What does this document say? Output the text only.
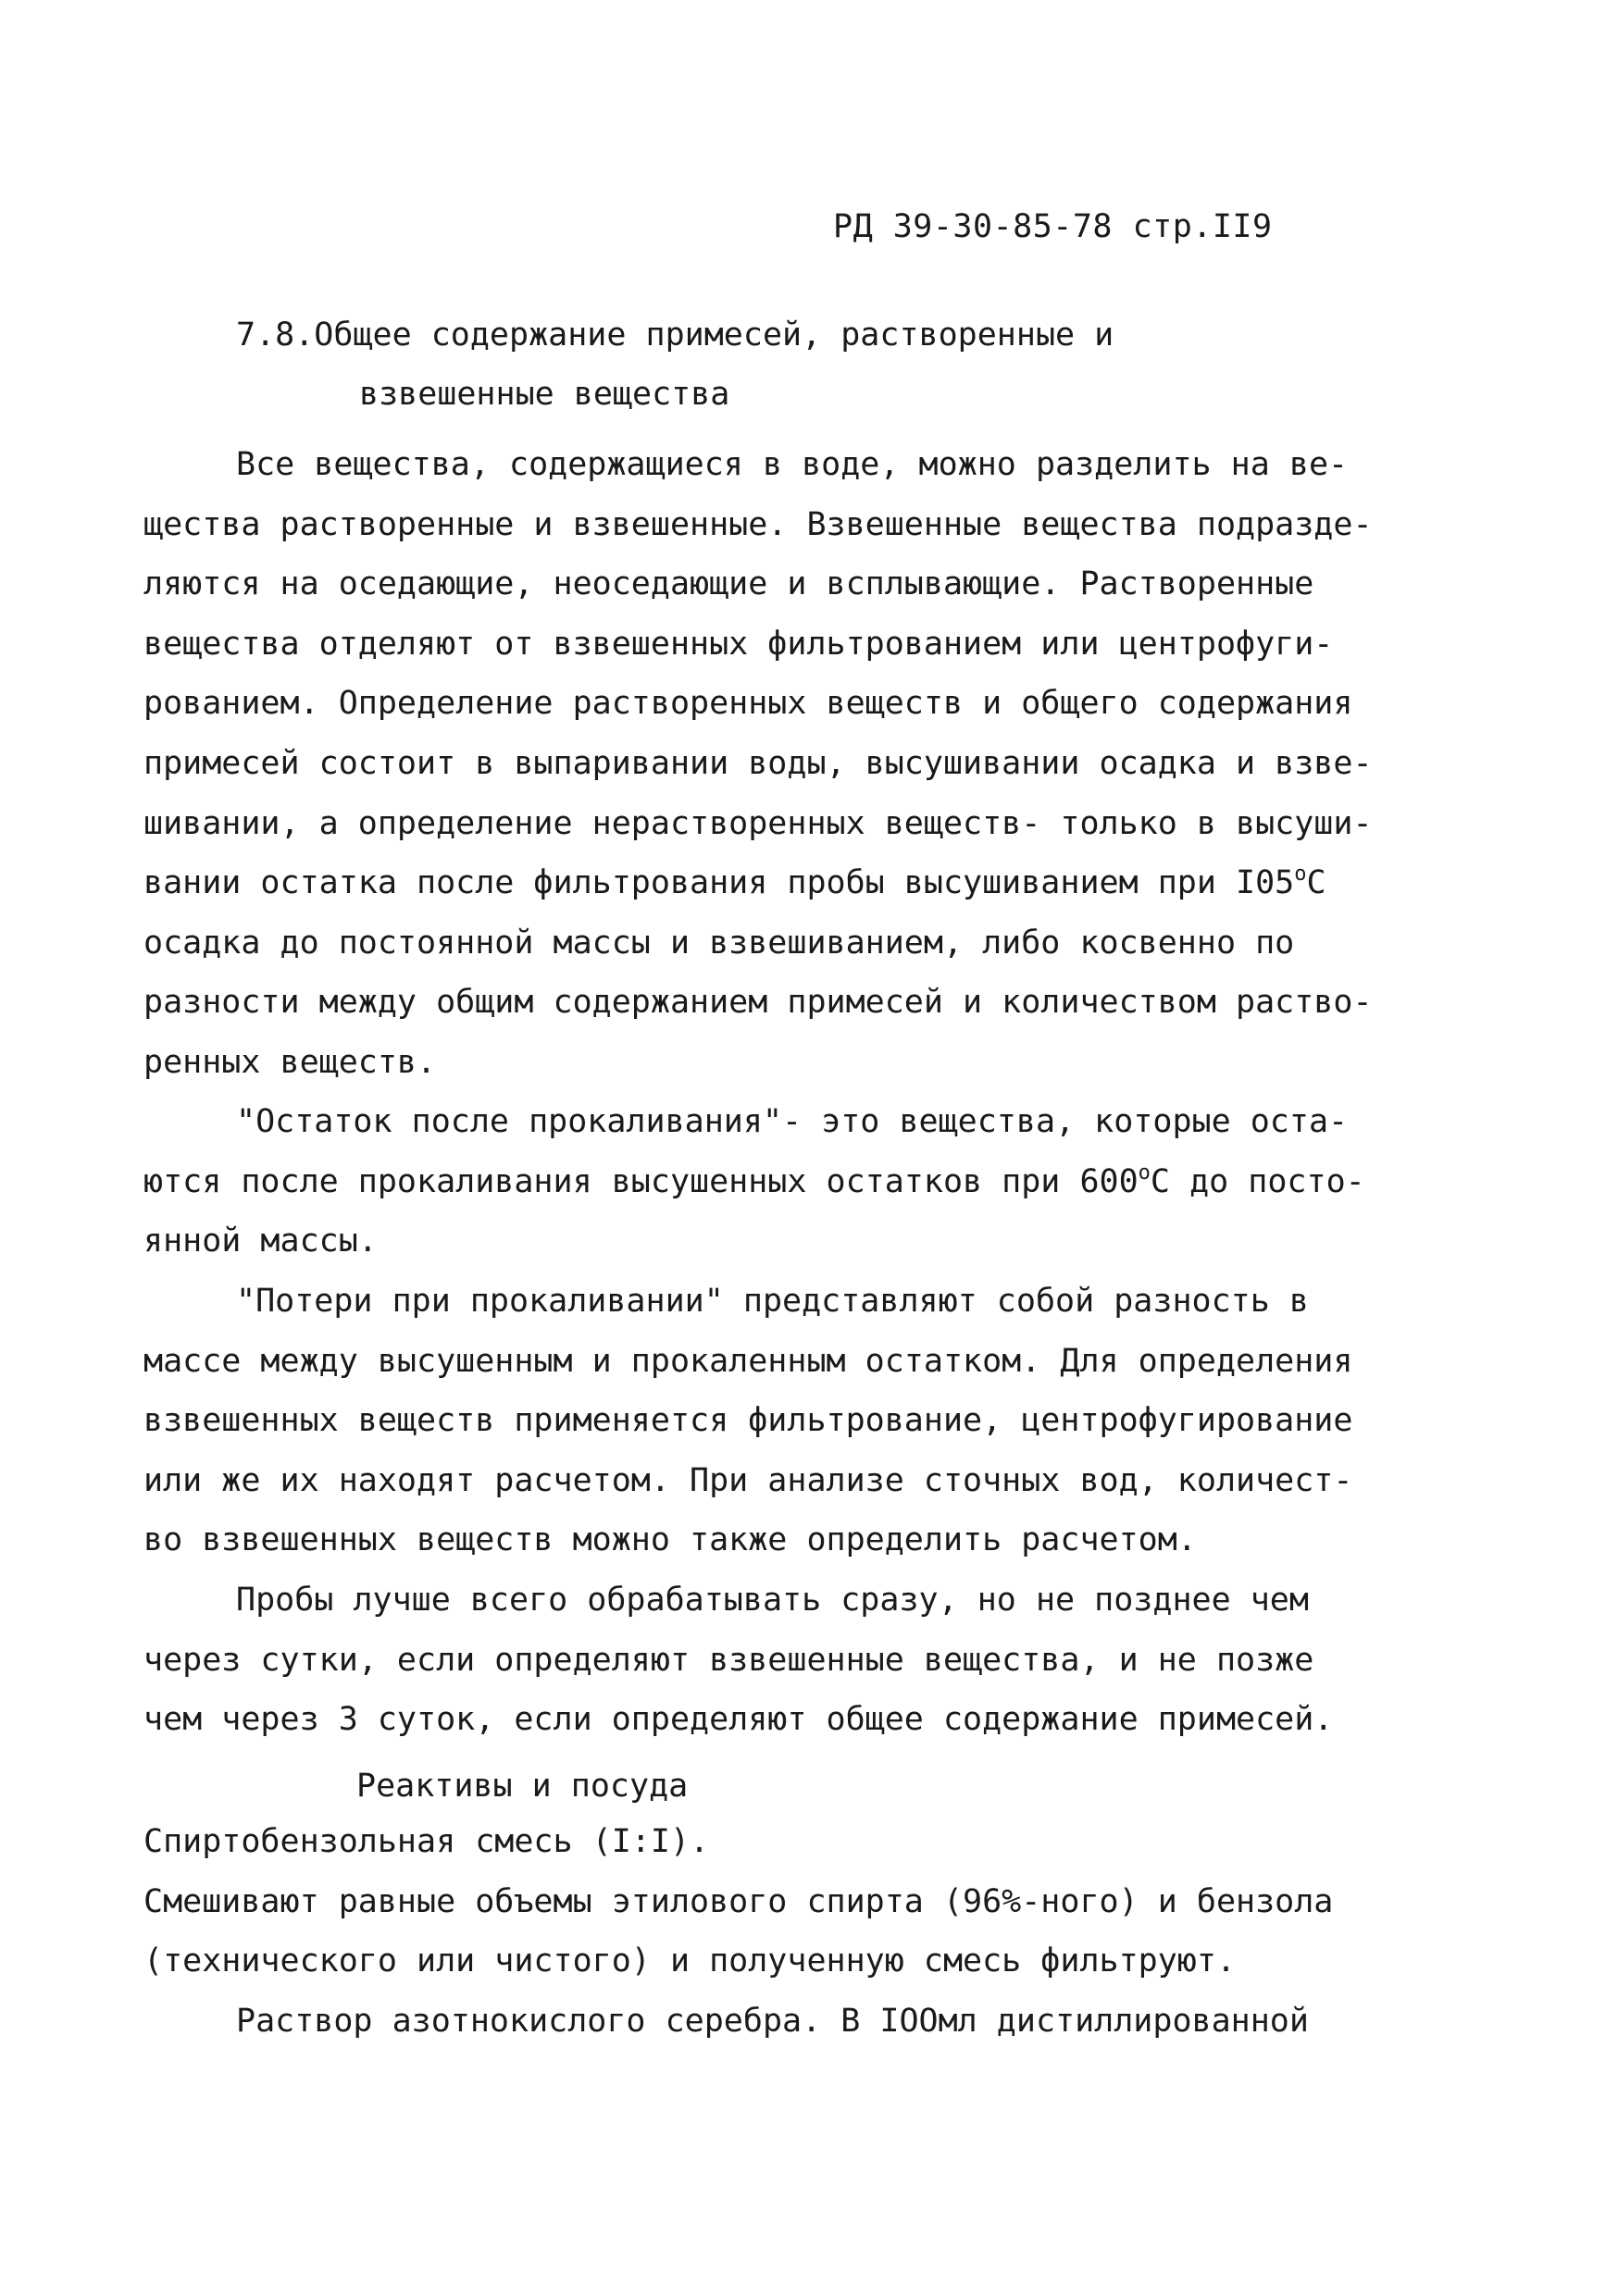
РД 39-30-85-78 стр.II9
7.8.Общее содержание примесей, растворенные и
взвешенные вещества
Все вещества, содержащиеся в воде, можно разделить на ве-
щества растворенные и взвешенные. Взвешенные вещества подразде-
ляются на оседающие, неоседающие и всплывающие. Растворенные
вещества отделяют от взвешенных фильтрованием или центрофуги-
рованием. Определение растворенных веществ и общего содержания
примесей состоит в выпаривании воды, высушивании осадка и взве-
шивании, а определение нерастворенных веществ- только в высуши-
вании остатка после фильтрования пробы высушиванием при $I05^оС$
осадка до постоянной массы и взвешиванием, либо косвенно по
разности между общим содержанием примесей и количеством раство-
ренных веществ.
"Остаток после прокаливания"- это вещества, которые оста-
ются после прокаливания высушенных остатков при $600^оС$ до посто-
янной массы.
"Потери при прокаливании" представляют собой разность в
массе между высушенным и прокаленным остатком. Для определения
взвешенных веществ применяется фильтрование, центрофугирование
или же их находят расчетом. При анализе сточных вод, количест-
во взвешенных веществ можно также определить расчетом.
Пробы лучше всего обрабатывать сразу, но не позднее чем
через сутки, если определяют взвешенные вещества, и не позже
чем через 3 суток, если определяют общее содержание примесей.
Реактивы и посуда
Спиртобензольная смесь (I:I).
Смешивают равные объемы этилового спирта (96%-ного) и бензола
(технического или чистого) и полученную смесь фильтруют.
Раствор азотнокислого серебра. В IOOмл дистиллированной
